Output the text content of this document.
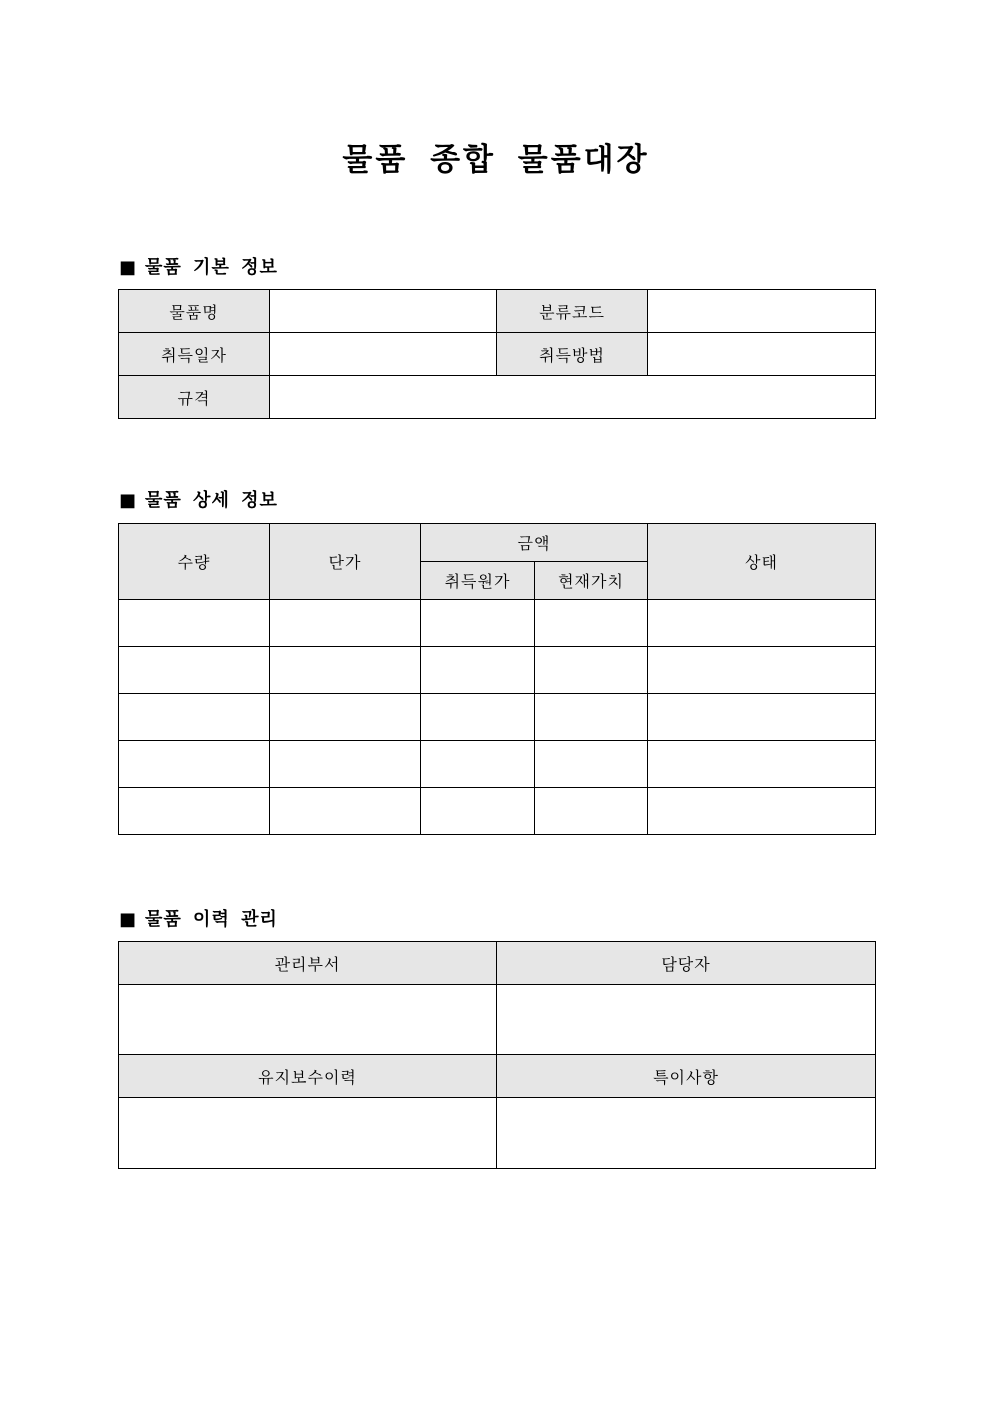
물품 종합 물품대장
■ 물품 기본 정보
물품명		분류코드	
취득일자		취득방법	
규격			
■ 물품 상세 정보
수량	단가	금액		상태
		취득원가	현재가치	

■ 물품 이력 관리
관리부서	담당자

유지보수이력	특이사항
